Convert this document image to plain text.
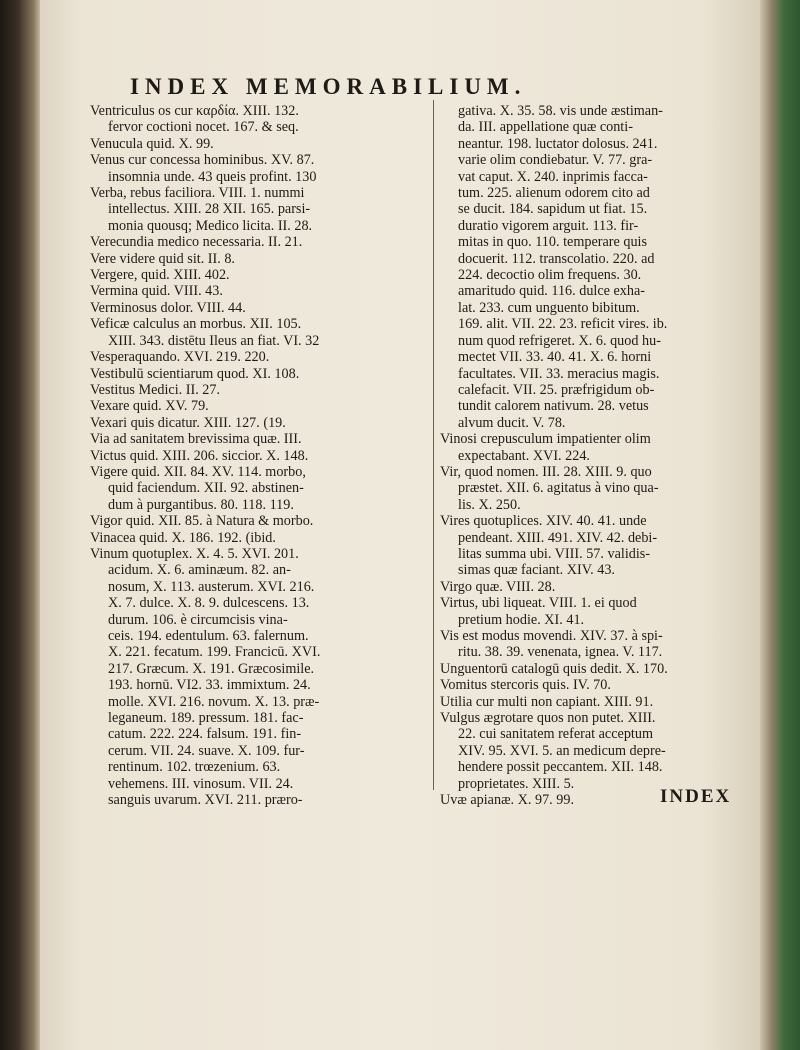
INDEX MEMORABILIUM.
Ventriculus os cur καρδία. XIII. 132.
fervor coctioni nocet. 167. & seq.
Venucula quid. X. 99.
Venus cur concessa hominibus. XV. 87.
insomnia unde. 43 queis profint. 130
Verba, rebus faciliora. VIII. 1. nummi
intellectus. XIII. 28 XII. 165. parsi-
monia quousq; Medico licita. II. 28.
Verecundia medico necessaria. II. 21.
Vere videre quid sit. II. 8.
Vergere, quid. XIII. 402.
Vermina quid. VIII. 43.
Verminosus dolor. VIII. 44.
Veficæ calculus an morbus. XII. 105.
XIII. 343. distētu Ileus an fiat. VI. 32
Vesperaquando. XVI. 219. 220.
Vestibulū scientiarum quod. XI. 108.
Vestitus Medici. II. 27.
Vexare quid. XV. 79.
Vexari quis dicatur. XIII. 127. (19.
Via ad sanitatem brevissima quæ. III.
Victus quid. XIII. 206. siccior. X. 148.
Vigere quid. XII. 84. XV. 114. morbo,
quid faciendum. XII. 92. abstinen-
dum à purgantibus. 80. 118. 119.
Vigor quid. XII. 85. à Natura & morbo.
Vinacea quid. X. 186. 192. (ibid.
Vinum quotuplex. X. 4. 5. XVI. 201.
acidum. X. 6. aminæum. 82. an-
nosum, X. 113. austerum. XVI. 216.
X. 7. dulce. X. 8. 9. dulcescens. 13.
durum. 106. è circumcisis vina-
ceis. 194. edentulum. 63. falernum.
X. 221. fecatum. 199. Francicū. XVI.
217. Græcum. X. 191. Græcosimile.
193. hornū. VI2. 33. immixtum. 24.
molle. XVI. 216. novum. X. 13. præ-
leganeum. 189. pressum. 181. fac-
catum. 222. 224. falsum. 191. fin-
cerum. VII. 24. suave. X. 109. fur-
rentinum. 102. trœzenium. 63.
vehemens. III. vinosum. VII. 24.
sanguis uvarum. XVI. 211. præro-
gativa. X. 35. 58. vis unde æstiman-
da. III. appellatione quæ conti-
neantur. 198. luctator dolosus. 241.
varie olim condiebatur. V. 77. gra-
vat caput. X. 240. inprimis facca-
tum. 225. alienum odorem cito ad
se ducit. 184. sapidum ut fiat. 15.
duratio vigorem arguit. 113. fir-
mitas in quo. 110. temperare quis
docuerit. 112. transcolatio. 220. ad
224. decoctio olim frequens. 30.
amaritudo quid. 116. dulce exha-
lat. 233. cum unguento bibitum.
169. alit. VII. 22. 23. reficit vires. ib.
num quod refrigeret. X. 6. quod hu-
mectet VII. 33. 40. 41. X. 6. horni
facultates. VII. 33. meracius magis.
calefacit. VII. 25. præfrigidum ob-
tundit calorem nativum. 28. vetus
alvum ducit. V. 78.
Vinosi crepusculum impatienter olim
expectabant. XVI. 224.
Vir, quod nomen. III. 28. XIII. 9. quo
præstet. XII. 6. agitatus à vino qua-
lis. X. 250.
Vires quotuplices. XIV. 40. 41. unde
pendeant. XIII. 491. XIV. 42. debi-
litas summa ubi. VIII. 57. validis-
simas quæ faciant. XIV. 43.
Virgo quæ. VIII. 28.
Virtus, ubi liqueat. VIII. 1. ei quod
pretium hodie. XI. 41.
Vis est modus movendi. XIV. 37. à spi-
ritu. 38. 39. venenata, ignea. V. 117.
Unguentorū catalogū quis dedit. X. 170.
Vomitus stercoris quis. IV. 70.
Utilia cur multi non capiant. XIII. 91.
Vulgus ægrotare quos non putet. XIII.
22. cui sanitatem referat acceptum
XIV. 95. XVI. 5. an medicum depre-
hendere possit peccantem. XII. 148.
proprietates. XIII. 5.
Uvæ apianæ. X. 97. 99.	INDEX
